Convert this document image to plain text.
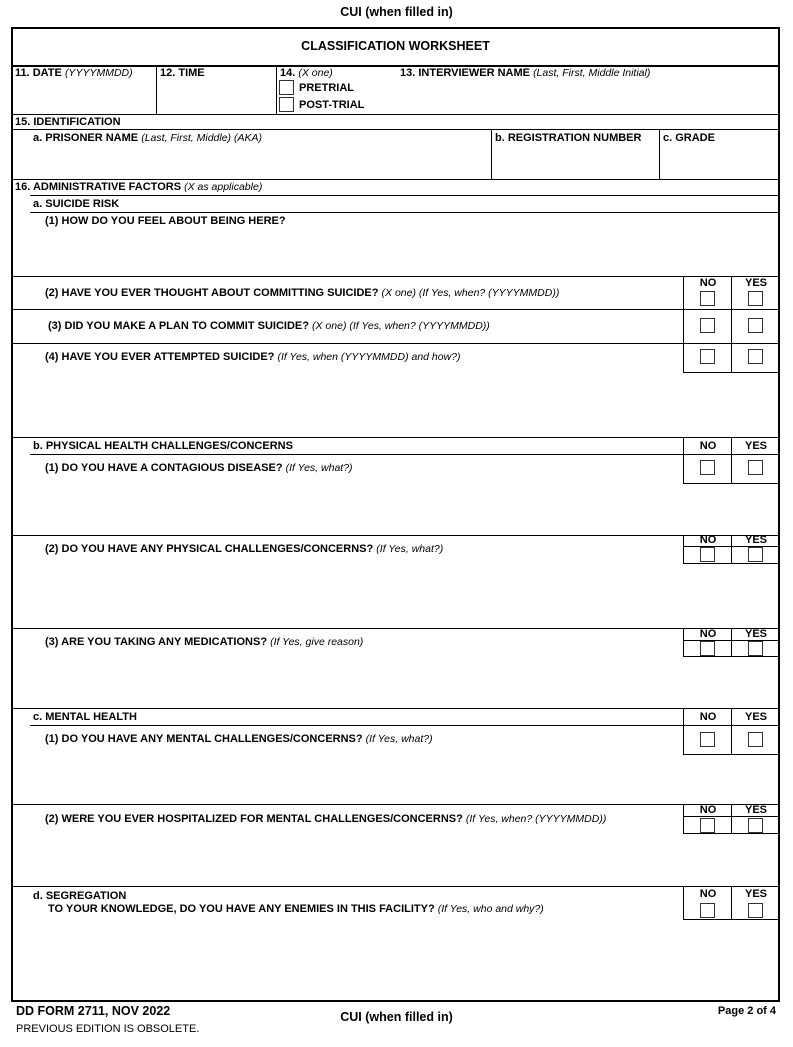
CUI (when filled in)
CLASSIFICATION WORKSHEET
11. DATE (YYYYMMDD) 12. TIME	14. (X one)
PRETRIAL
POST-TRIAL
13. INTERVIEWER NAME (Last, First, Middle Initial)
15. IDENTIFICATION
a. PRISONER NAME (Last, First, Middle) (AKA)	b. REGISTRATION NUMBER c. GRADE
16. ADMINISTRATIVE FACTORS (X as applicable)
a. SUICIDE RISK
(1) HOW DO YOU FEEL ABOUT BEING HERE?
NO	YES
(2) HAVE YOU EVER THOUGHT ABOUT COMMITTING SUICIDE? (X one) (If Yes, when? (YYYYMMDD))
(3) DID YOU MAKE A PLAN TO COMMIT SUICIDE? (X one) (If Yes, when? (YYYYMMDD))
(4) HAVE YOU EVER ATTEMPTED SUICIDE? (If Yes, when (YYYYMMDD) and how?)
b. PHYSICAL HEALTH CHALLENGES/CONCERNS	NO	YES
(1) DO YOU HAVE A CONTAGIOUS DISEASE? (If Yes, what?)
NO	YES
(2) DO YOU HAVE ANY PHYSICAL CHALLENGES/CONCERNS? (If Yes, what?)
NO	YES
(3) ARE YOU TAKING ANY MEDICATIONS? (If Yes, give reason)
c. MENTAL HEALTH	NO	YES
(1) DO YOU HAVE ANY MENTAL CHALLENGES/CONCERNS? (If Yes, what?)
NO	YES
(2) WERE YOU EVER HOSPITALIZED FOR MENTAL CHALLENGES/CONCERNS? (If Yes, when? (YYYYMMDD))
NO	YES
d. SEGREGATION
TO YOUR KNOWLEDGE, DO YOU HAVE ANY ENEMIES IN THIS FACILITY? (If Yes, who and why?)
DD FORM 2711, NOV 2022
PREVIOUS EDITION IS OBSOLETE.
CUI (when filled in)	Page 2 of 4
